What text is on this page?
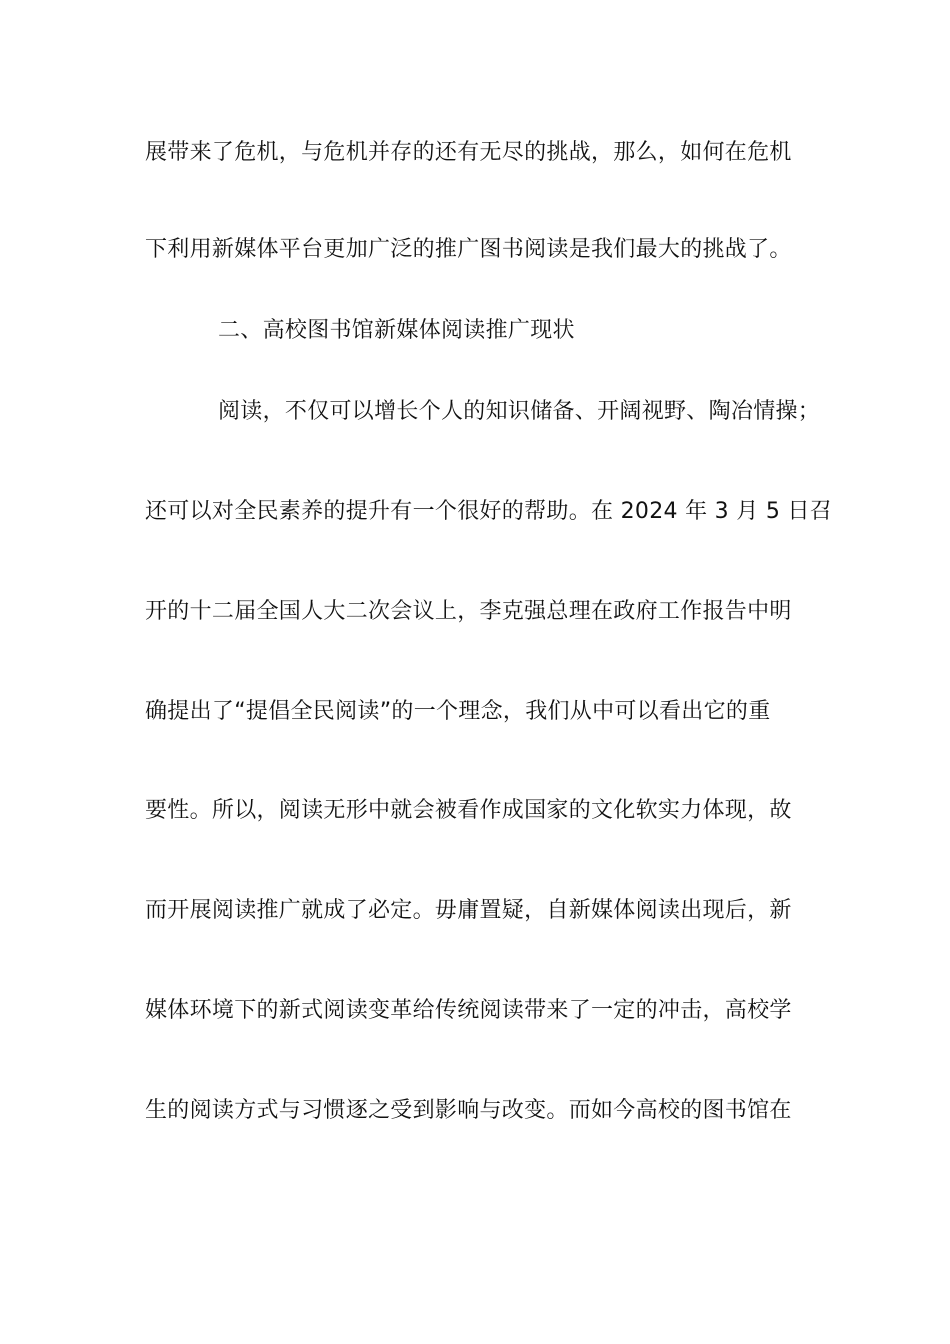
展带来了危机，与危机并存的还有无尽的挑战，那么，如何在危机
下利用新媒体平台更加广泛的推广图书阅读是我们最大的挑战了。
二、高校图书馆新媒体阅读推广现状
阅读，不仅可以增长个人的知识储备、开阔视野、陶冶情操；
还可以对全民素养的提升有一个很好的帮助。在 2024 年 3 月 5 日召
开的十二届全国人大二次会议上，李克强总理在政府工作报告中明
确提出了“提倡全民阅读”的一个理念，我们从中可以看出它的重
要性。所以，阅读无形中就会被看作成国家的文化软实力体现，故
而开展阅读推广就成了必定。毋庸置疑，自新媒体阅读出现后，新
媒体环境下的新式阅读变革给传统阅读带来了一定的冲击，高校学
生的阅读方式与习惯逐之受到影响与改变。而如今高校的图书馆在
